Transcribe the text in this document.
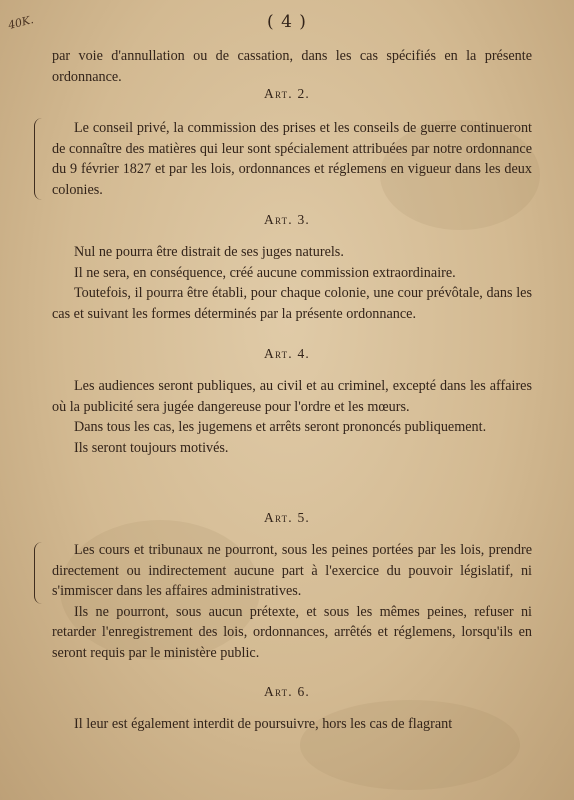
40K.	( 4 )

par voie d'annullation ou de cassation, dans les cas spécifiés en la présente ordonnance.

Art. 2.

Le conseil privé, la commission des prises et les conseils de guerre continueront de connaître des matières qui leur sont spécialement attribuées par notre ordonnance du 9 février 1827 et par les lois, ordonnances et réglemens en vigueur dans les deux colonies.

Art. 3.

Nul ne pourra être distrait de ses juges naturels.

Il ne sera, en conséquence, créé aucune commission extraordinaire.

Toutefois, il pourra être établi, pour chaque colonie, une cour prévôtale, dans les cas et suivant les formes déterminés par la présente ordonnance.

Art. 4.

Les audiences seront publiques, au civil et au criminel, excepté dans les affaires où la publicité sera jugée dangereuse pour l'ordre et les mœurs.

Dans tous les cas, les jugemens et arrêts seront prononcés publiquement.

Ils seront toujours motivés.

Art. 5.

Les cours et tribunaux ne pourront, sous les peines portées par les lois, prendre directement ou indirectement aucune part à l'exercice du pouvoir législatif, ni s'immiscer dans les affaires administratives.

Ils ne pourront, sous aucun prétexte, et sous les mêmes peines, refuser ni retarder l'enregistrement des lois, ordonnances, arrêtés et réglemens, lorsqu'ils en seront requis par le ministère public.

Art. 6.

Il leur est également interdit de poursuivre, hors les cas de flagrant
